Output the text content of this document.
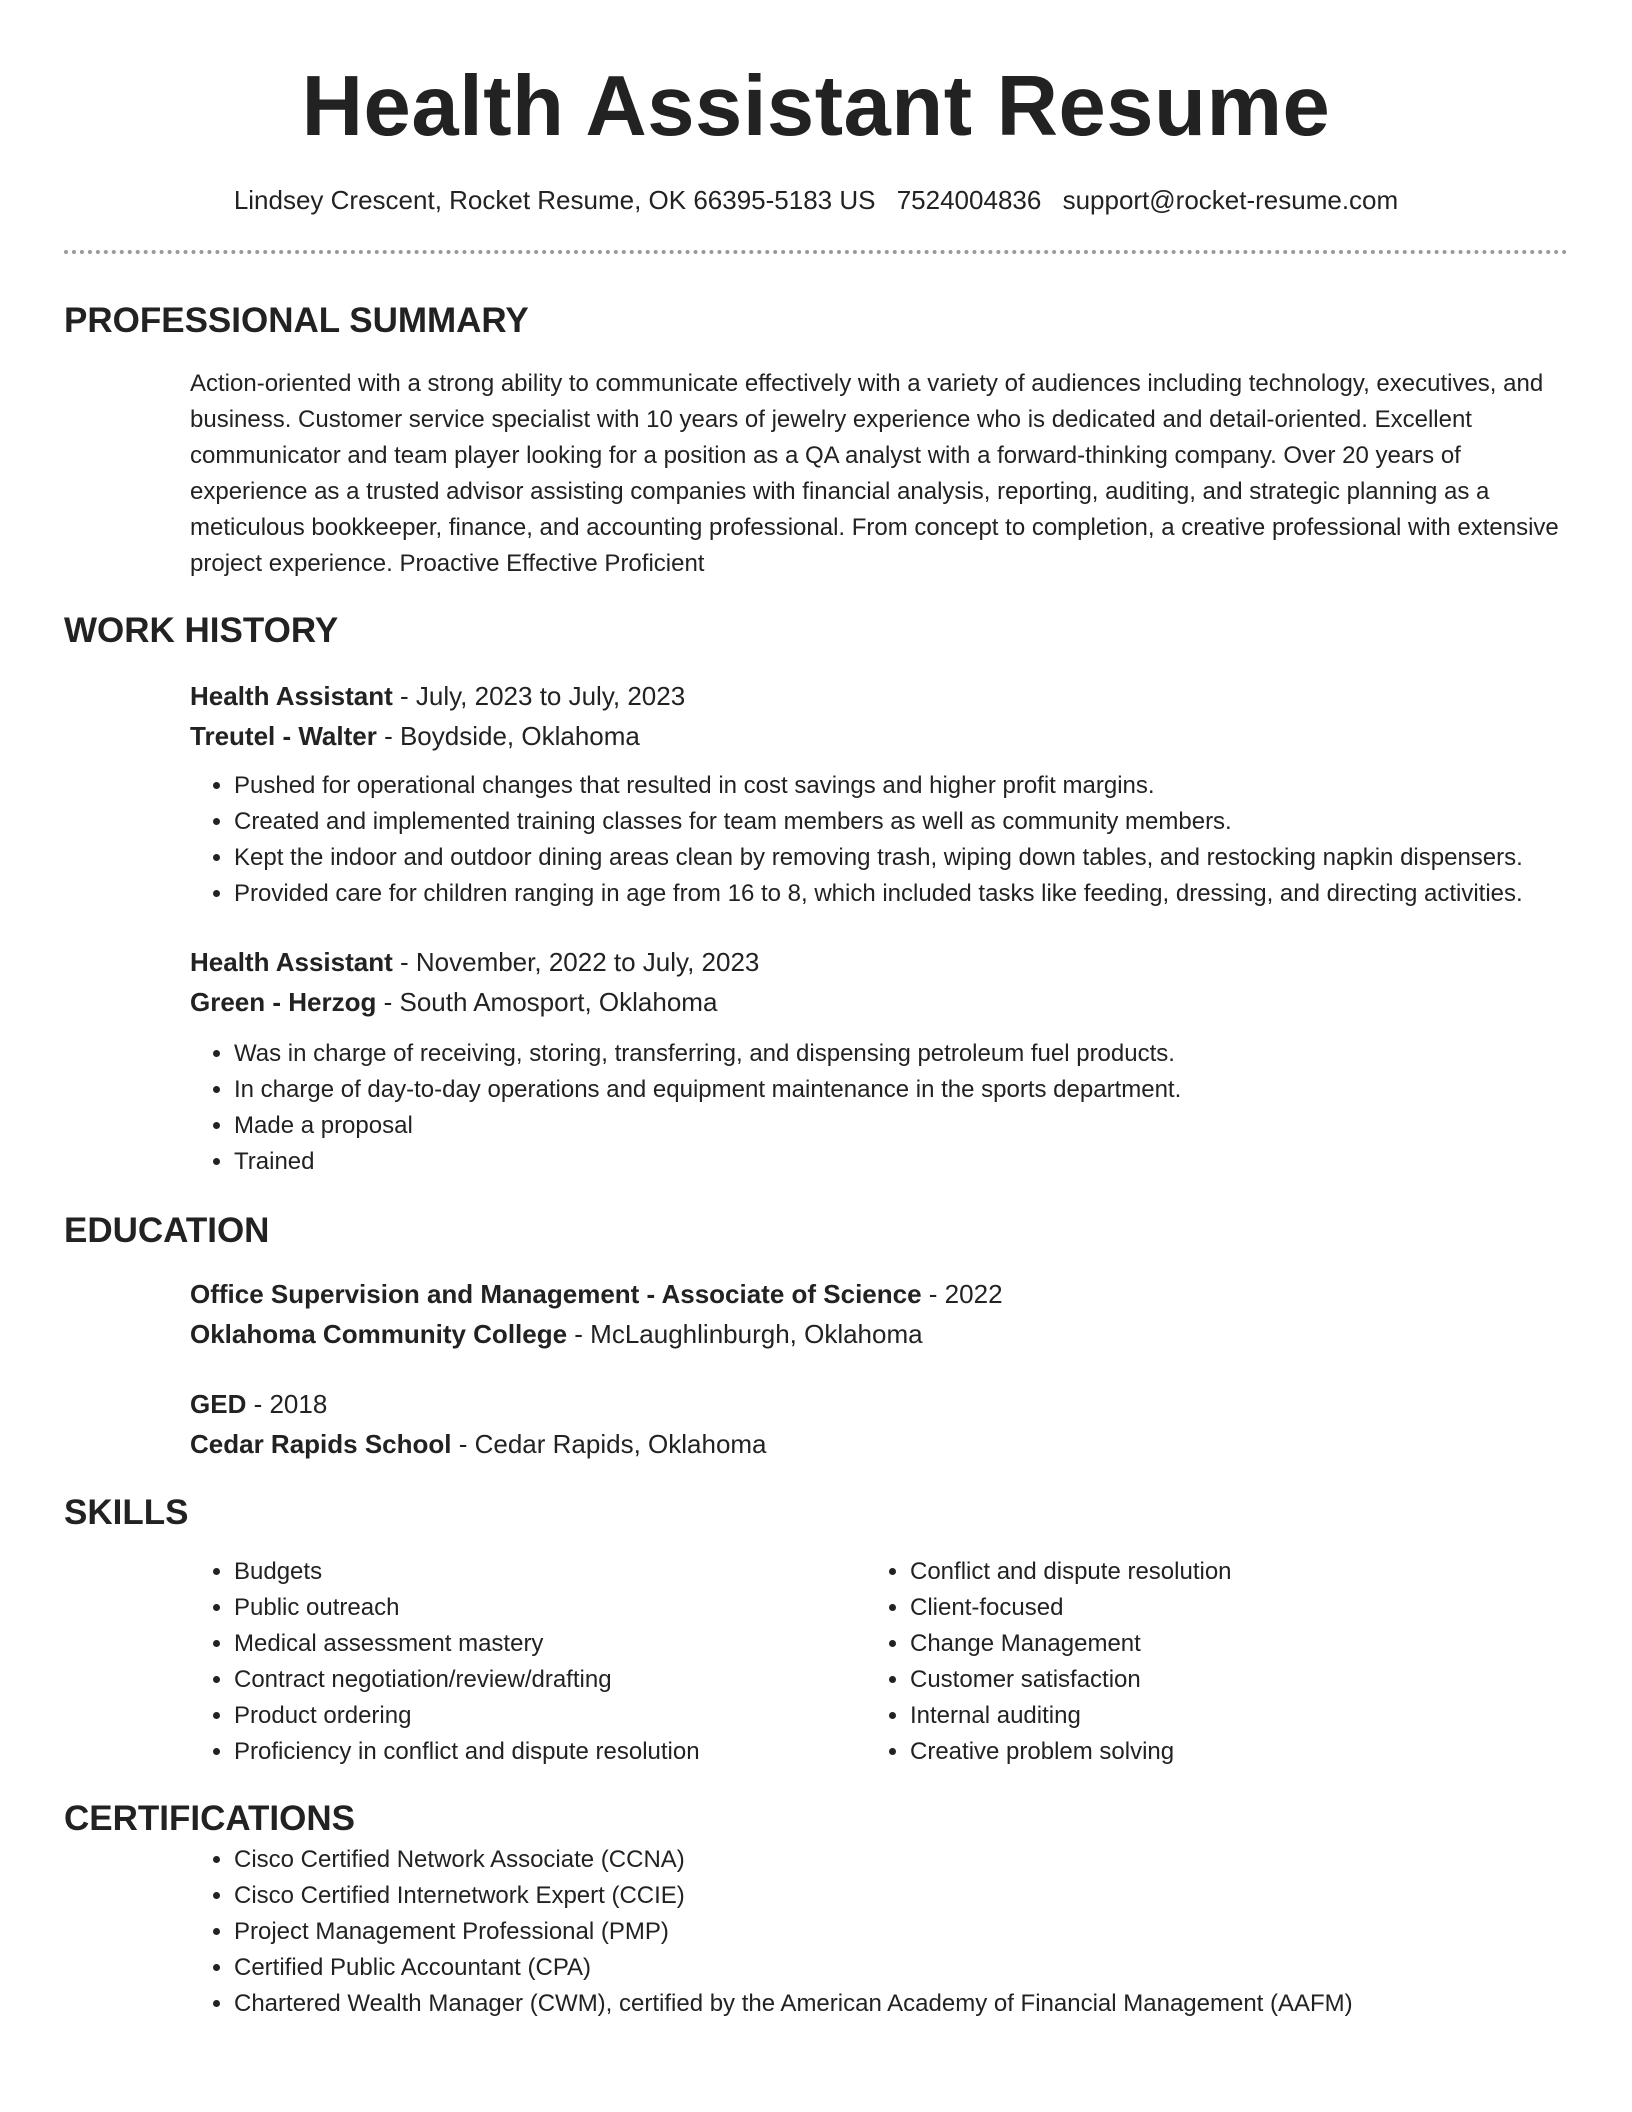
Health Assistant Resume
Lindsey Crescent, Rocket Resume, OK 66395-5183 US 7524004836 support@rocket-resume.com
PROFESSIONAL SUMMARY

Action-oriented with a strong ability to communicate effectively with a variety of audiences including technology, executives, and business. Customer service specialist with 10 years of jewelry experience who is dedicated and detail-oriented. Excellent communicator and team player looking for a position as a QA analyst with a forward-thinking company. Over 20 years of experience as a trusted advisor assisting companies with financial analysis, reporting, auditing, and strategic planning as a meticulous bookkeeper, finance, and accounting professional. From concept to completion, a creative professional with extensive project experience. Proactive Effective Proficient

WORK HISTORY
Health Assistant - July, 2023 to July, 2023
Treutel - Walter - Boydside, Oklahoma
• Pushed for operational changes that resulted in cost savings and higher profit margins.
• Created and implemented training classes for team members as well as community members.
• Kept the indoor and outdoor dining areas clean by removing trash, wiping down tables, and restocking napkin dispensers.
• Provided care for children ranging in age from 16 to 8, which included tasks like feeding, dressing, and directing activities.
Health Assistant - November, 2022 to July, 2023
Green - Herzog - South Amosport, Oklahoma
• Was in charge of receiving, storing, transferring, and dispensing petroleum fuel products.
• In charge of day-to-day operations and equipment maintenance in the sports department.
• Made a proposal
• Trained
EDUCATION
Office Supervision and Management - Associate of Science - 2022
Oklahoma Community College - McLaughlinburgh, Oklahoma
GED - 2018
Cedar Rapids School - Cedar Rapids, Oklahoma
SKILLS
• Budgets
• Public outreach
• Medical assessment mastery
• Contract negotiation/review/drafting
• Product ordering
• Proficiency in conflict and dispute resolution
• Conflict and dispute resolution
• Client-focused
• Change Management
• Customer satisfaction
• Internal auditing
• Creative problem solving
CERTIFICATIONS
• Cisco Certified Network Associate (CCNA)
• Cisco Certified Internetwork Expert (CCIE)
• Project Management Professional (PMP)
• Certified Public Accountant (CPA)
• Chartered Wealth Manager (CWM), certified by the American Academy of Financial Management (AAFM)
